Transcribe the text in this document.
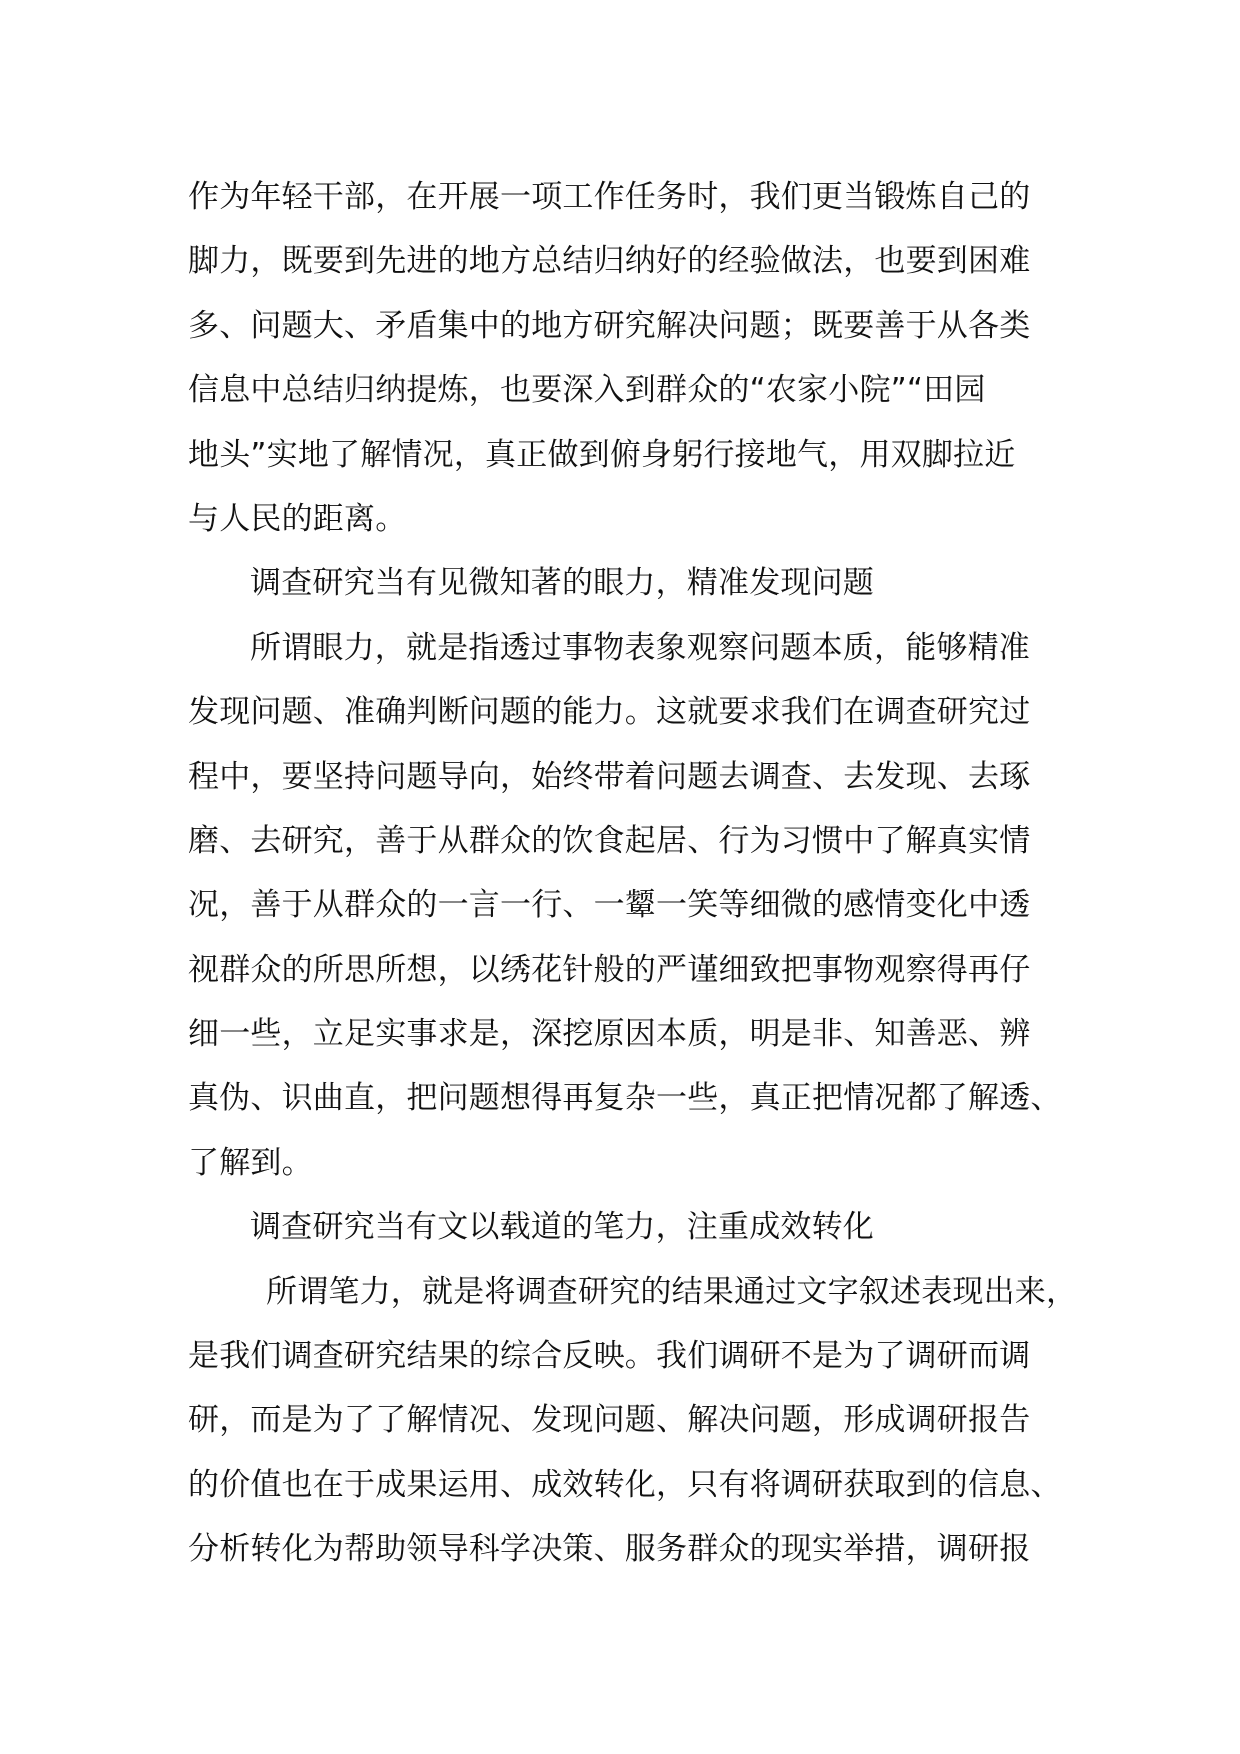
作为年轻干部，在开展一项工作任务时，我们更当锻炼自己的
脚力，既要到先进的地方总结归纳好的经验做法，也要到困难
多、问题大、矛盾集中的地方研究解决问题；既要善于从各类
信息中总结归纳提炼，也要深入到群众的“农家小院”“田园
地头”实地了解情况，真正做到俯身躬行接地气，用双脚拉近
与人民的距离。
调查研究当有见微知著的眼力，精准发现问题
所谓眼力，就是指透过事物表象观察问题本质，能够精准
发现问题、准确判断问题的能力。这就要求我们在调查研究过
程中，要坚持问题导向，始终带着问题去调查、去发现、去琢
磨、去研究，善于从群众的饮食起居、行为习惯中了解真实情
况，善于从群众的一言一行、一颦一笑等细微的感情变化中透
视群众的所思所想，以绣花针般的严谨细致把事物观察得再仔
细一些，立足实事求是，深挖原因本质，明是非、知善恶、辨
真伪、识曲直，把问题想得再复杂一些，真正把情况都了解透、
了解到。
调查研究当有文以载道的笔力，注重成效转化
所谓笔力，就是将调查研究的结果通过文字叙述表现出来，
是我们调查研究结果的综合反映。我们调研不是为了调研而调
研，而是为了了解情况、发现问题、解决问题，形成调研报告
的价值也在于成果运用、成效转化，只有将调研获取到的信息、
分析转化为帮助领导科学决策、服务群众的现实举措，调研报
